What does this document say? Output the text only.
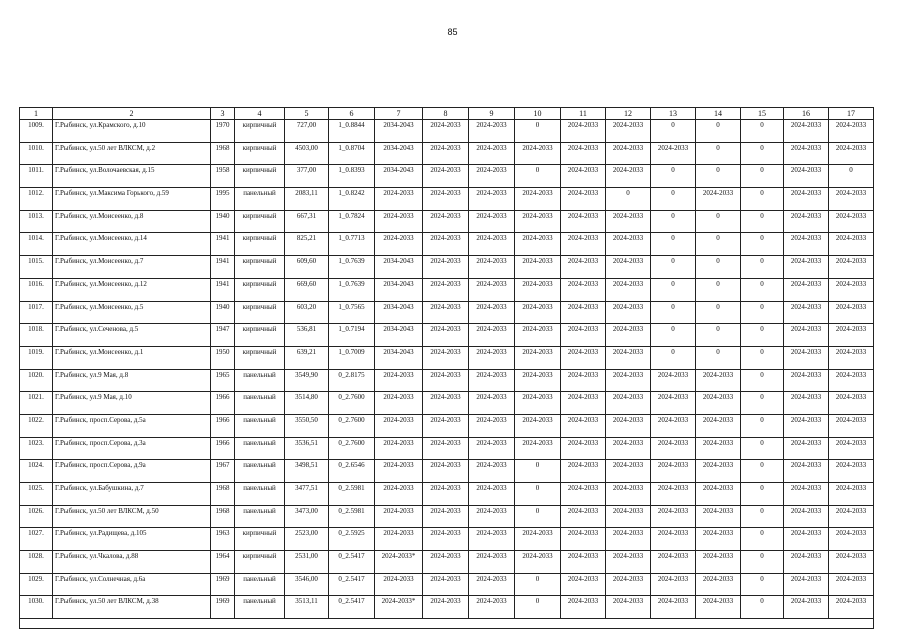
85
1	2	3	4	5	6	7	8	9	10	11	12	13	14	15	16	17
1009.	Г.Рыбинск, ул.Крамского, д.10	1970	кирпичный	727,00	1_0.8844	2034-2043	2024-2033	2024-2033	0	2024-2033	2024-2033	0	0	0	2024-2033	2024-2033
1010.	Г.Рыбинск, ул.50 лет ВЛКСМ, д.2	1968	кирпичный	4503,00	1_0.8704	2034-2043	2024-2033	2024-2033	2024-2033	2024-2033	2024-2033	2024-2033	0	0	2024-2033	2024-2033
1011.	Г.Рыбинск, ул.Волочаевская, д.15	1958	кирпичный	377,00	1_0.8393	2034-2043	2024-2033	2024-2033	0	2024-2033	2024-2033	0	0	0	2024-2033	0
1012.	Г.Рыбинск, ул.Максима Горького, д.59	1995	панельный	2083,11	1_0.8242	2024-2033	2024-2033	2024-2033	2024-2033	2024-2033	0	0	2024-2033	0	2024-2033	2024-2033
1013.	Г.Рыбинск, ул.Моисеенко, д.8	1940	кирпичный	667,31	1_0.7824	2024-2033	2024-2033	2024-2033	2024-2033	2024-2033	2024-2033	0	0	0	2024-2033	2024-2033
1014.	Г.Рыбинск, ул.Моисеенко, д.14	1941	кирпичный	825,21	1_0.7713	2024-2033	2024-2033	2024-2033	2024-2033	2024-2033	2024-2033	0	0	0	2024-2033	2024-2033
1015.	Г.Рыбинск, ул.Моисеенко, д.7	1941	кирпичный	609,60	1_0.7639	2034-2043	2024-2033	2024-2033	2024-2033	2024-2033	2024-2033	0	0	0	2024-2033	2024-2033
1016.	Г.Рыбинск, ул.Моисеенко, д.12	1941	кирпичный	669,60	1_0.7639	2034-2043	2024-2033	2024-2033	2024-2033	2024-2033	2024-2033	0	0	0	2024-2033	2024-2033
1017.	Г.Рыбинск, ул.Моисеенко, д.5	1940	кирпичный	603,20	1_0.7565	2034-2043	2024-2033	2024-2033	2024-2033	2024-2033	2024-2033	0	0	0	2024-2033	2024-2033
1018.	Г.Рыбинск, ул.Сеченова, д.5	1947	кирпичный	536,81	1_0.7194	2034-2043	2024-2033	2024-2033	2024-2033	2024-2033	2024-2033	0	0	0	2024-2033	2024-2033
1019.	Г.Рыбинск, ул.Моисеенко, д.1	1950	кирпичный	639,21	1_0.7009	2034-2043	2024-2033	2024-2033	2024-2033	2024-2033	2024-2033	0	0	0	2024-2033	2024-2033
1020.	Г.Рыбинск, ул.9 Мая, д.8	1965	панельный	3549,90	0_2.8175	2024-2033	2024-2033	2024-2033	2024-2033	2024-2033	2024-2033	2024-2033	2024-2033	0	2024-2033	2024-2033
1021.	Г.Рыбинск, ул.9 Мая, д.10	1966	панельный	3514,80	0_2.7600	2024-2033	2024-2033	2024-2033	2024-2033	2024-2033	2024-2033	2024-2033	2024-2033	0	2024-2033	2024-2033
1022.	Г.Рыбинск, просп.Серова, д.5а	1966	панельный	3550,50	0_2.7600	2024-2033	2024-2033	2024-2033	2024-2033	2024-2033	2024-2033	2024-2033	2024-2033	0	2024-2033	2024-2033
1023.	Г.Рыбинск, просп.Серова, д.3а	1966	панельный	3536,51	0_2.7600	2024-2033	2024-2033	2024-2033	2024-2033	2024-2033	2024-2033	2024-2033	2024-2033	0	2024-2033	2024-2033
1024.	Г.Рыбинск, просп.Серова, д.9а	1967	панельный	3498,51	0_2.6546	2024-2033	2024-2033	2024-2033	0	2024-2033	2024-2033	2024-2033	2024-2033	0	2024-2033	2024-2033
1025.	Г.Рыбинск, ул.Бабушкина, д.7	1968	панельный	3477,51	0_2.5981	2024-2033	2024-2033	2024-2033	0	2024-2033	2024-2033	2024-2033	2024-2033	0	2024-2033	2024-2033
1026.	Г.Рыбинск, ул.50 лет ВЛКСМ, д.50	1968	панельный	3473,00	0_2.5981	2024-2033	2024-2033	2024-2033	0	2024-2033	2024-2033	2024-2033	2024-2033	0	2024-2033	2024-2033
1027.	Г.Рыбинск, ул.Радищева, д.105	1963	кирпичный	2523,00	0_2.5925	2024-2033	2024-2033	2024-2033	2024-2033	2024-2033	2024-2033	2024-2033	2024-2033	0	2024-2033	2024-2033
1028.	Г.Рыбинск, ул.Чкалова, д.88	1964	кирпичный	2531,00	0_2.5417	2024-2033*	2024-2033	2024-2033	2024-2033	2024-2033	2024-2033	2024-2033	2024-2033	0	2024-2033	2024-2033
1029.	Г.Рыбинск, ул.Солнечная, д.6а	1969	панельный	3546,00	0_2.5417	2024-2033	2024-2033	2024-2033	0	2024-2033	2024-2033	2024-2033	2024-2033	0	2024-2033	2024-2033
1030.	Г.Рыбинск, ул.50 лет ВЛКСМ, д.38	1969	панельный	3513,11	0_2.5417	2024-2033*	2024-2033	2024-2033	0	2024-2033	2024-2033	2024-2033	2024-2033	0	2024-2033	2024-2033
